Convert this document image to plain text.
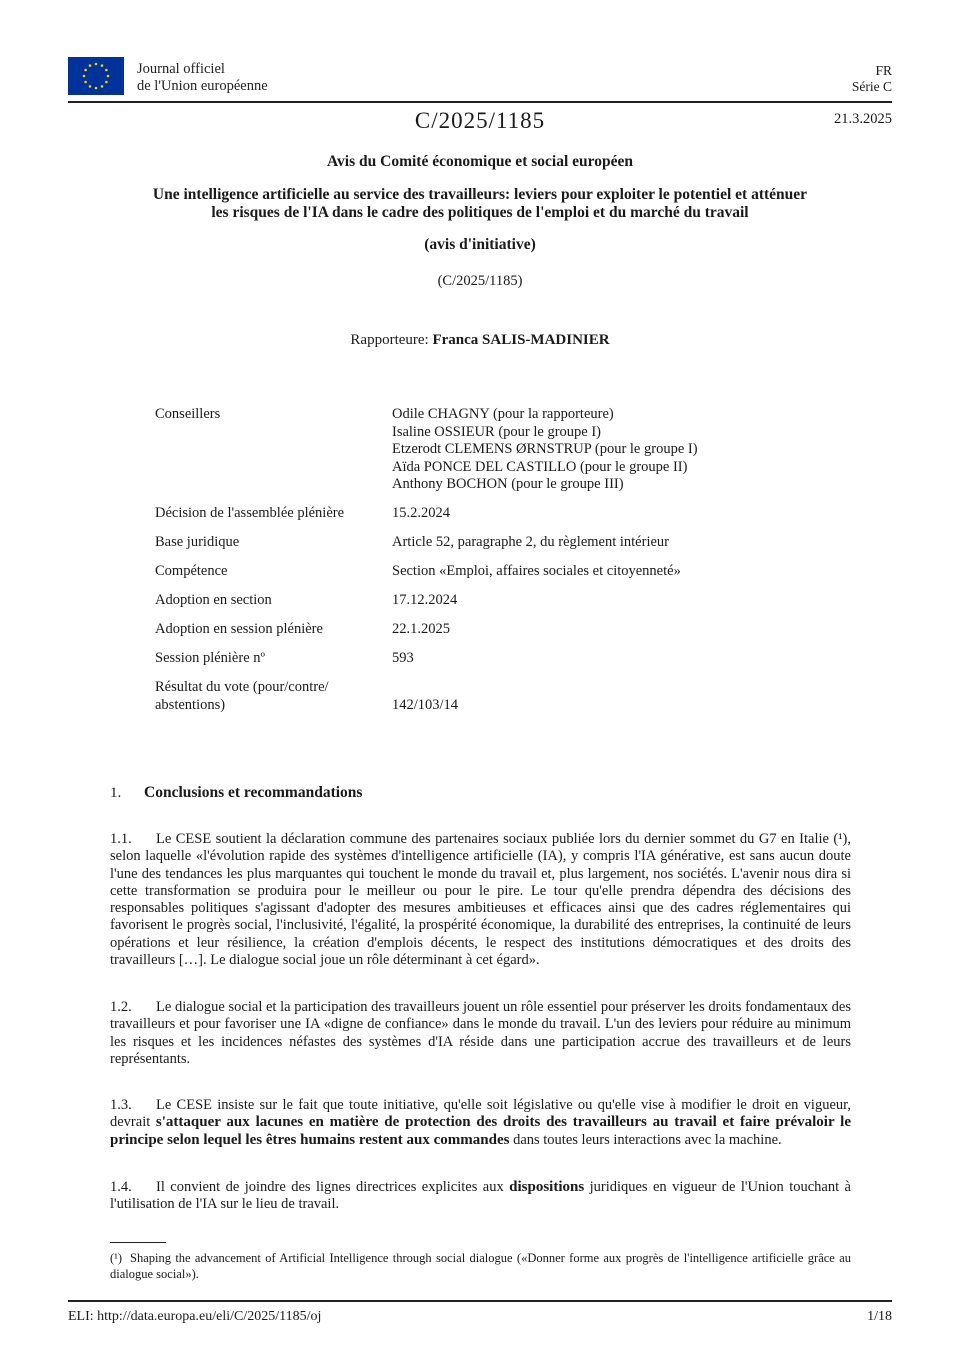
Journal officiel
de l'Union européenne
FR
Série C
C/2025/1185	21.3.2025
Avis du Comité économique et social européen
Une intelligence artificielle au service des travailleurs: leviers pour exploiter le potentiel et atténuer
les risques de l'IA dans le cadre des politiques de l'emploi et du marché du travail
(avis d'initiative)
(C/2025/1185)
Rapporteure: Franca SALIS-MADINIER
Conseillers	Odile CHAGNY (pour la rapporteure)
Isaline OSSIEUR (pour le groupe I)
Etzerodt CLEMENS ØRNSTRUP (pour le groupe I)
Aïda PONCE DEL CASTILLO (pour le groupe II)
Anthony BOCHON (pour le groupe III)
Décision de l'assemblée plénière	15.2.2024
Base juridique	Article 52, paragraphe 2, du règlement intérieur
Compétence	Section «Emploi, affaires sociales et citoyenneté»
Adoption en section	17.12.2024
Adoption en session plénière	22.1.2025
Session plénière nº	593
Résultat du vote (pour/contre/
abstentions)	142/103/14
1. Conclusions et recommandations
1.1. Le CESE soutient la déclaration commune des partenaires sociaux publiée lors du dernier sommet du G7 en Italie (¹), selon laquelle «l'évolution rapide des systèmes d'intelligence artificielle (IA), y compris l'IA générative, est sans aucun doute l'une des tendances les plus marquantes qui touchent le monde du travail et, plus largement, nos sociétés. L'avenir nous dira si cette transformation se produira pour le meilleur ou pour le pire. Le tour qu'elle prendra dépendra des décisions des responsables politiques s'agissant d'adopter des mesures ambitieuses et efficaces ainsi que des cadres réglementaires qui favorisent le progrès social, l'inclusivité, l'égalité, la prospérité économique, la durabilité des entreprises, la continuité de leurs opérations et leur résilience, la création d'emplois décents, le respect des institutions démocratiques et des droits des travailleurs […]. Le dialogue social joue un rôle déterminant à cet égard».
1.2. Le dialogue social et la participation des travailleurs jouent un rôle essentiel pour préserver les droits fondamentaux des travailleurs et pour favoriser une IA «digne de confiance» dans le monde du travail. L'un des leviers pour réduire au minimum les risques et les incidences néfastes des systèmes d'IA réside dans une participation accrue des travailleurs et de leurs représentants.
1.3. Le CESE insiste sur le fait que toute initiative, qu'elle soit législative ou qu'elle vise à modifier le droit en vigueur, devrait s'attaquer aux lacunes en matière de protection des droits des travailleurs au travail et faire prévaloir le principe selon lequel les êtres humains restent aux commandes dans toutes leurs interactions avec la machine.
1.4. Il convient de joindre des lignes directrices explicites aux dispositions juridiques en vigueur de l'Union touchant à l'utilisation de l'IA sur le lieu de travail.
(¹) Shaping the advancement of Artificial Intelligence through social dialogue («Donner forme aux progrès de l'intelligence artificielle grâce au dialogue social»).
ELI: http://data.europa.eu/eli/C/2025/1185/oj	1/18
